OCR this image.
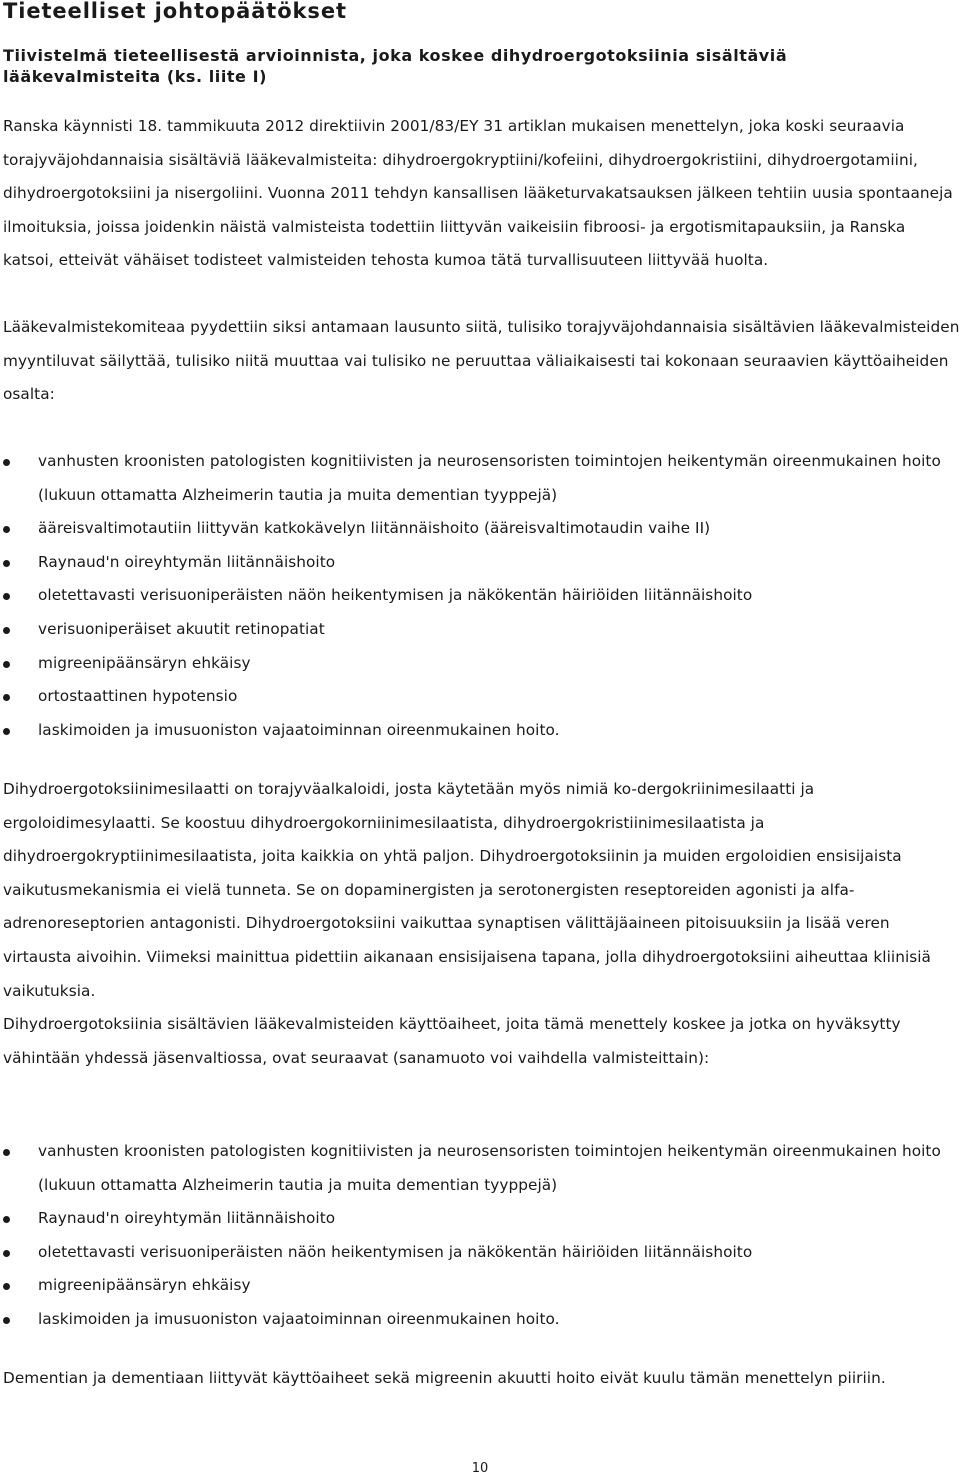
Tieteelliset johtopäätökset
Tiivistelmä tieteellisestä arvioinnista, joka koskee dihydroergotoksiinia sisältäviä lääkevalmisteita (ks. liite I)

Ranska käynnisti 18. tammikuuta 2012 direktiivin 2001/83/EY 31 artiklan mukaisen menettelyn, joka koski seuraavia torajyväjohdannaisia sisältäviä lääkevalmisteita: dihydroergokryptiini/kofeiini, dihydroergokristiini, dihydroergotamiini, dihydroergotoksiini ja nisergoliini. Vuonna 2011 tehdyn kansallisen lääketurvakatsauksen jälkeen tehtiin uusia spontaaneja ilmoituksia, joissa joidenkin näistä valmisteista todettiin liittyvän vaikeisiin fibroosi- ja ergotismitapauksiin, ja Ranska katsoi, etteivät vähäiset todisteet valmisteiden tehosta kumoa tätä turvallisuuteen liittyvää huolta.

Lääkevalmistekomiteaa pyydettiin siksi antamaan lausunto siitä, tulisiko torajyväjohdannaisia sisältävien lääkevalmisteiden myyntiluvat säilyttää, tulisiko niitä muuttaa vai tulisiko ne peruuttaa väliaikaisesti tai kokonaan seuraavien käyttöaiheiden osalta:

vanhusten kroonisten patologisten kognitiivisten ja neurosensoristen toimintojen heikentymän oireenmukainen hoito (lukuun ottamatta Alzheimerin tautia ja muita dementian tyyppejä)
ääreisvaltimotautiin liittyvän katkokävelyn liitännäishoito (ääreisvaltimotaudin vaihe II)
Raynaud'n oireyhtymän liitännäishoito
oletettavasti verisuoniperäisten näön heikentymisen ja näkökentän häiriöiden liitännäishoito
verisuoniperäiset akuutit retinopatiat
migreenipäänsäryn ehkäisy
ortostaattinen hypotensio
laskimoiden ja imusuoniston vajaatoiminnan oireenmukainen hoito.

Dihydroergotoksiinimesilaatti on torajyväalkaloidi, josta käytetään myös nimiä ko-dergokriinimesilaatti ja ergoloidimesylaatti. Se koostuu dihydroergokorniinimesilaatista, dihydroergokristiinimesilaatista ja dihydroergokryptiinimesilaatista, joita kaikkia on yhtä paljon. Dihydroergotoksiinin ja muiden ergoloidien ensisijaista vaikutusmekanismia ei vielä tunneta. Se on dopaminergisten ja serotonergisten reseptoreiden agonisti ja alfa-adrenoreseptorien antagonisti. Dihydroergotoksiini vaikuttaa synaptisen välittäjäaineen pitoisuuksiin ja lisää veren virtausta aivoihin. Viimeksi mainittua pidettiin aikanaan ensisijaisena tapana, jolla dihydroergotoksiini aiheuttaa kliinisiä vaikutuksia.

Dihydroergotoksiinia sisältävien lääkevalmisteiden käyttöaiheet, joita tämä menettely koskee ja jotka on hyväksytty vähintään yhdessä jäsenvaltiossa, ovat seuraavat (sanamuoto voi vaihdella valmisteittain):

vanhusten kroonisten patologisten kognitiivisten ja neurosensoristen toimintojen heikentymän oireenmukainen hoito (lukuun ottamatta Alzheimerin tautia ja muita dementian tyyppejä)
Raynaud'n oireyhtymän liitännäishoito
oletettavasti verisuoniperäisten näön heikentymisen ja näkökentän häiriöiden liitännäishoito
migreenipäänsäryn ehkäisy
laskimoiden ja imusuoniston vajaatoiminnan oireenmukainen hoito.

Dementian ja dementiaan liittyvät käyttöaiheet sekä migreenin akuutti hoito eivät kuulu tämän menettelyn piiriin.

10
